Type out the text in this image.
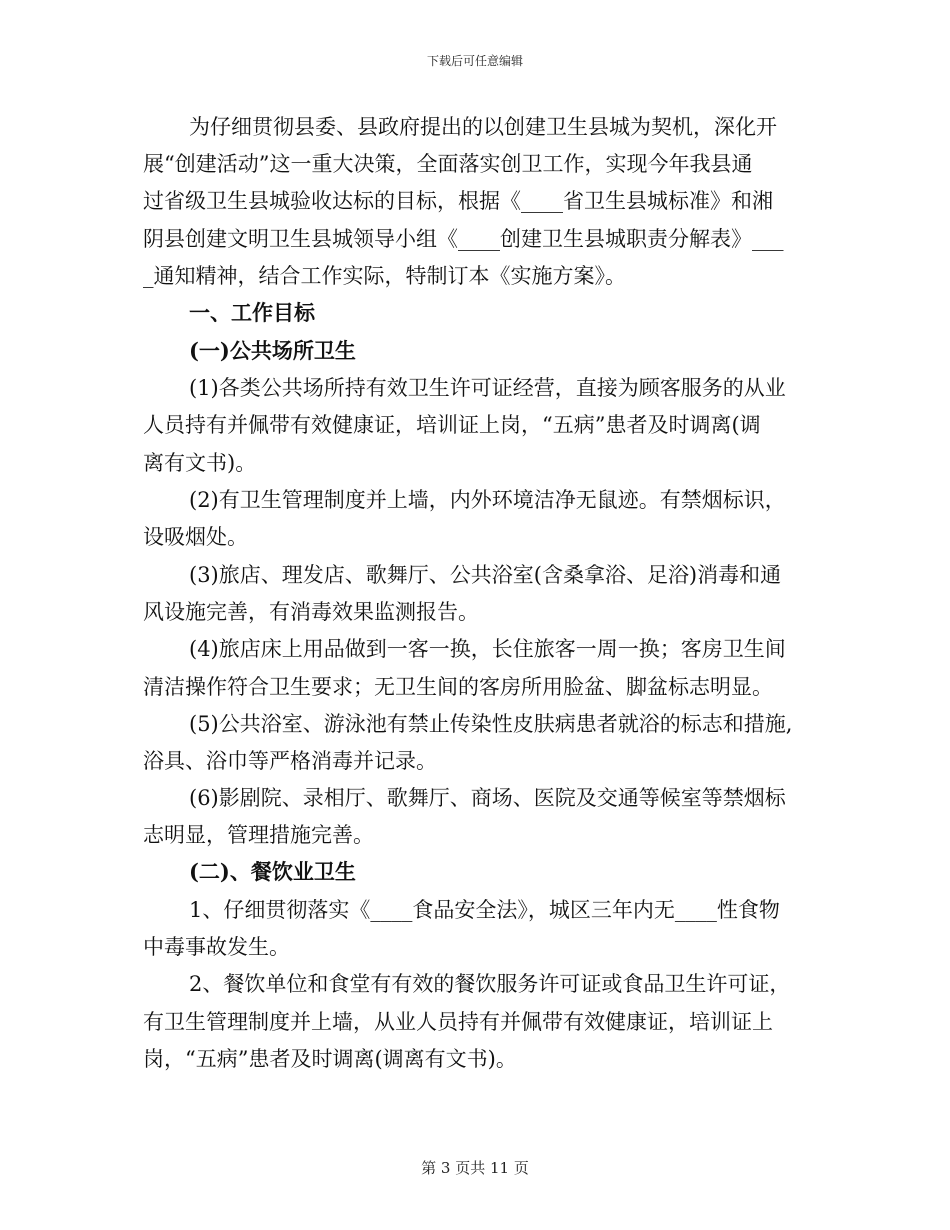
下载后可任意编辑
为仔细贯彻县委、县政府提出的以创建卫生县城为契机，深化开
展“创建活动”这一重大决策，全面落实创卫工作，实现今年我县通
过省级卫生县城验收达标的目标，根据《____省卫生县城标准》和湘
阴县创建文明卫生县城领导小组《____创建卫生县城职责分解表》___
_通知精神，结合工作实际，特制订本《实施方案》。
一、工作目标
(一)公共场所卫生
(1)各类公共场所持有效卫生许可证经营，直接为顾客服务的从业
人员持有并佩带有效健康证，培训证上岗，“五病”患者及时调离(调
离有文书)。
(2)有卫生管理制度并上墙，内外环境洁净无鼠迹。有禁烟标识，
设吸烟处。
(3)旅店、理发店、歌舞厅、公共浴室(含桑拿浴、足浴)消毒和通
风设施完善，有消毒效果监测报告。
(4)旅店床上用品做到一客一换，长住旅客一周一换；客房卫生间
清洁操作符合卫生要求；无卫生间的客房所用脸盆、脚盆标志明显。
(5)公共浴室、游泳池有禁止传染性皮肤病患者就浴的标志和措施,
浴具、浴巾等严格消毒并记录。
(6)影剧院、录相厅、歌舞厅、商场、医院及交通等候室等禁烟标
志明显，管理措施完善。
(二)、餐饮业卫生
1、仔细贯彻落实《____食品安全法》，城区三年内无____性食物
中毒事故发生。
2、餐饮单位和食堂有有效的餐饮服务许可证或食品卫生许可证，
有卫生管理制度并上墙，从业人员持有并佩带有效健康证，培训证上
岗，“五病”患者及时调离(调离有文书)。
第 3 页共 11 页
